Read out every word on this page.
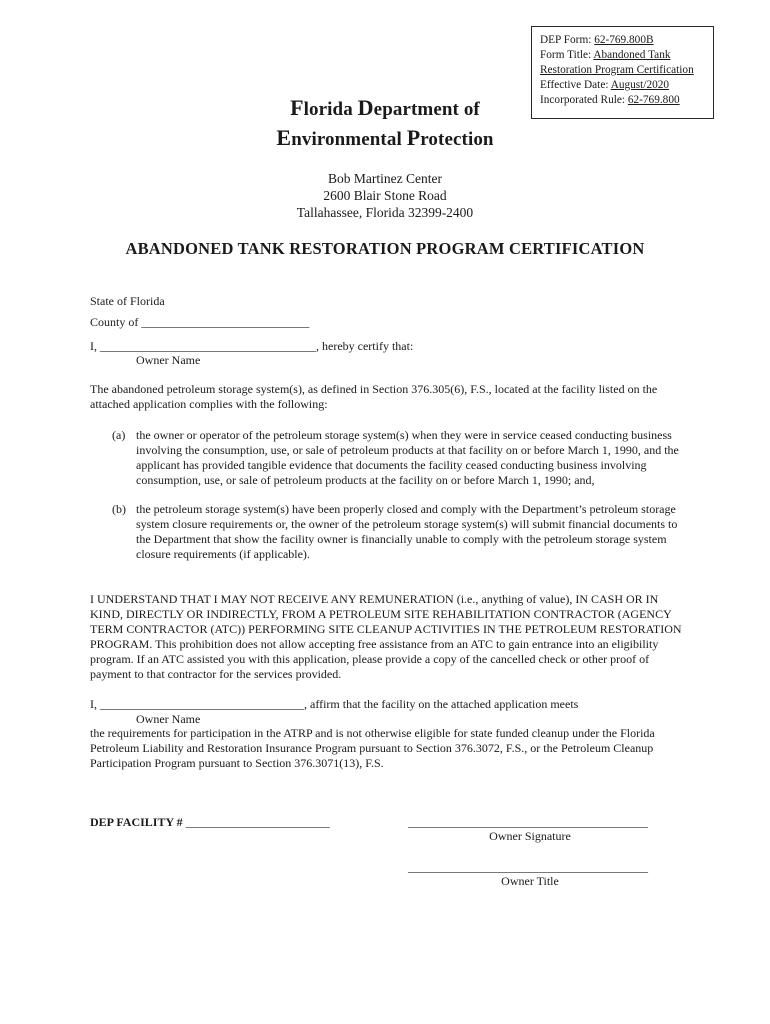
DEP Form: 62-769.800B
Form Title: Abandoned Tank
Restoration Program Certification
Effective Date: August/2020
Incorporated Rule: 62-769.800
Florida Department of
Environmental Protection
Bob Martinez Center
2600 Blair Stone Road
Tallahassee, Florida 32399-2400
ABANDONED TANK RESTORATION PROGRAM CERTIFICATION
State of Florida
County of ____________________________
I, ____________________________________, hereby certify that:
Owner Name
The abandoned petroleum storage system(s), as defined in Section 376.305(6), F.S., located at the facility listed on the attached application complies with the following:
(a) the owner or operator of the petroleum storage system(s) when they were in service ceased conducting business involving the consumption, use, or sale of petroleum products at that facility on or before March 1, 1990, and the applicant has provided tangible evidence that documents the facility ceased conducting business involving consumption, use, or sale of petroleum products at the facility on or before March 1, 1990; and,
(b) the petroleum storage system(s) have been properly closed and comply with the Department’s petroleum storage system closure requirements or, the owner of the petroleum storage system(s) will submit financial documents to the Department that show the facility owner is financially unable to comply with the petroleum storage system closure requirements (if applicable).
I UNDERSTAND THAT I MAY NOT RECEIVE ANY REMUNERATION (i.e., anything of value), IN CASH OR IN KIND, DIRECTLY OR INDIRECTLY, FROM A PETROLEUM SITE REHABILITATION CONTRACTOR (AGENCY TERM CONTRACTOR (ATC)) PERFORMING SITE CLEANUP ACTIVITIES IN THE PETROLEUM RESTORATION PROGRAM. This prohibition does not allow accepting free assistance from an ATC to gain entrance into an eligibility program. If an ATC assisted you with this application, please provide a copy of the cancelled check or other proof of payment to that contractor for the services provided.
I, __________________________________, affirm that the facility on the attached application meets
Owner Name
the requirements for participation in the ATRP and is not otherwise eligible for state funded cleanup under the Florida Petroleum Liability and Restoration Insurance Program pursuant to Section 376.3072, F.S., or the Petroleum Cleanup Participation Program pursuant to Section 376.3071(13), F.S.
DEP FACILITY # ________________________	________________________________________
Owner Signature
________________________________________
Owner Title
